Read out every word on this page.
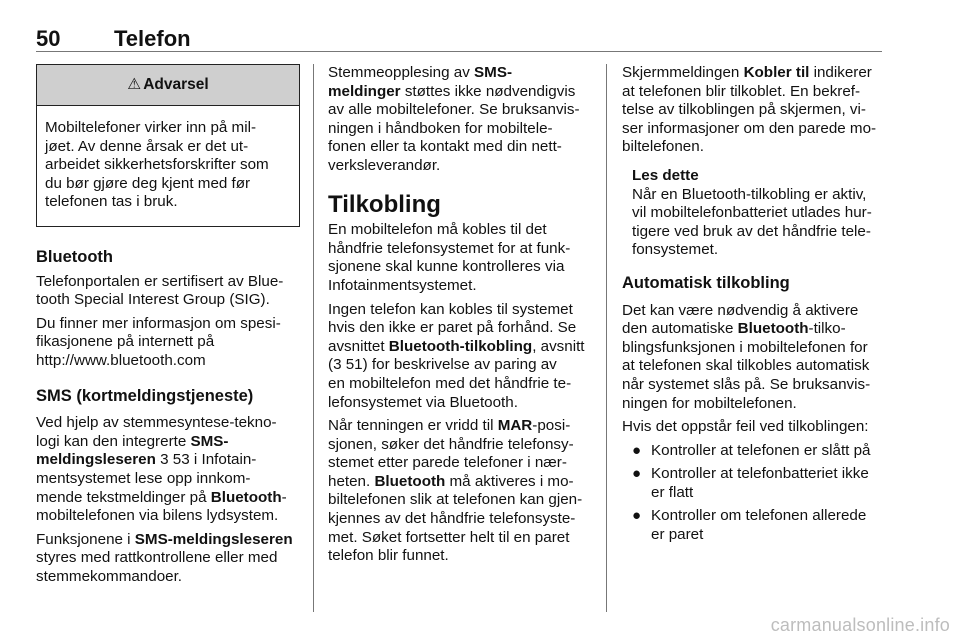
50 Telefon
⚠ Advarsel
Mobiltelefoner virker inn på mil-
jøet. Av denne årsak er det ut-
arbeidet sikkerhetsforskrifter som
du bør gjøre deg kjent med før
telefonen tas i bruk.
Bluetooth

Telefonportalen er sertifisert av Blue-
tooth Special Interest Group (SIG).

Du finner mer informasjon om spesi-
fikasjonene på internett på
http://www.bluetooth.com

SMS (kortmeldingstjeneste)

Ved hjelp av stemmesyntese-tekno-
logi kan den integrerte SMS-
meldingsleseren 3 53 i Infotain-
mentsystemet lese opp innkom-
mende tekstmeldinger på Bluetooth-
mobiltelefonen via bilens lydsystem.

Funksjonene i SMS-meldingsleseren
styres med rattkontrollene eller med
stemmekommandoer.

Stemmeopplesing av SMS-
meldinger støttes ikke nødvendigvis
av alle mobiltelefoner. Se bruksanvis-
ningen i håndboken for mobiltele-
fonen eller ta kontakt med din nett-
verksleverandør.

Tilkobling

En mobiltelefon må kobles til det
håndfrie telefonsystemet for at funk-
sjonene skal kunne kontrolleres via
Infotainmentsystemet.

Ingen telefon kan kobles til systemet
hvis den ikke er paret på forhånd. Se
avsnittet Bluetooth-tilkobling, avsnitt
(3 51) for beskrivelse av paring av
en mobiltelefon med det håndfrie te-
lefonsystemet via Bluetooth.

Når tenningen er vridd til MAR-posi-
sjonen, søker det håndfrie telefonsy-
stemet etter parede telefoner i nær-
heten. Bluetooth må aktiveres i mo-
biltelefonen slik at telefonen kan gjen-
kjennes av det håndfrie telefonsyste-
met. Søket fortsetter helt til en paret
telefon blir funnet.

Skjermmeldingen Kobler til indikerer
at telefonen blir tilkoblet. En bekref-
telse av tilkoblingen på skjermen, vi-
ser informasjoner om den parede mo-
biltelefonen.

Les dette
Når en Bluetooth-tilkobling er aktiv,
vil mobiltelefonbatteriet utlades hur-
tigere ved bruk av det håndfrie tele-
fonsystemet.
Automatisk tilkobling

Det kan være nødvendig å aktivere
den automatiske Bluetooth-tilko-
blingsfunksjonen i mobiltelefonen for
at telefonen skal tilkobles automatisk
når systemet slås på. Se bruksanvis-
ningen for mobiltelefonen.

Hvis det oppstår feil ved tilkoblingen:

● Kontroller at telefonen er slått på
● Kontroller at telefonbatteriet ikke
er flatt
● Kontroller om telefonen allerede
er paret
carmanualsonline.info
